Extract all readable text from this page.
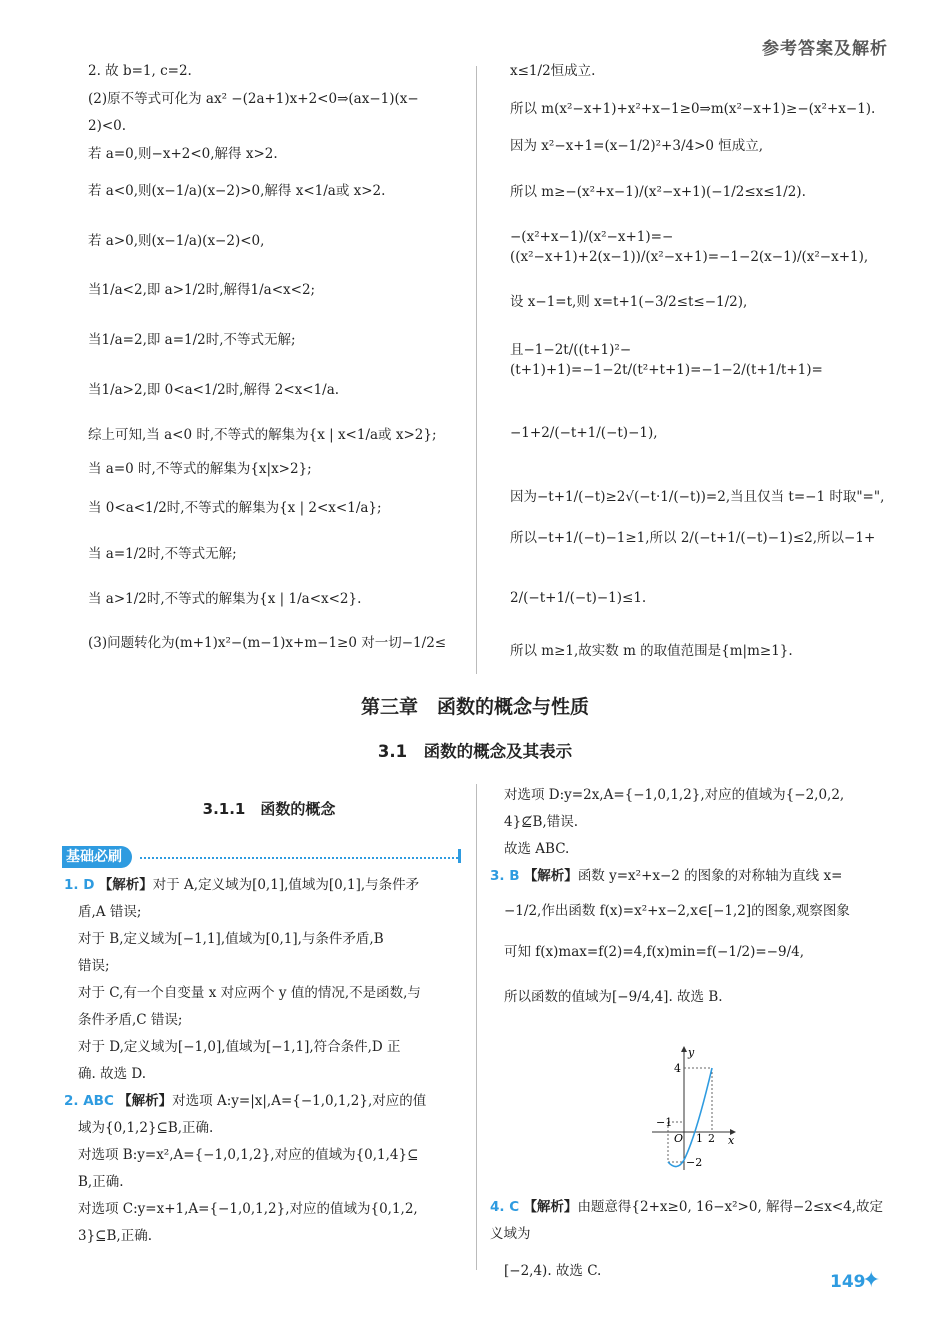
参考答案及解析

2. 故 b=1, c=2.

(2)原不等式可化为 ax² −(2a+1)x+2<0⇒(ax−1)(x−

2)<0.

若 a=0,则−x+2<0,解得 x>2.

若 a<0,则(x−1/a)(x−2)>0,解得 x<1/a或 x>2.

若 a>0,则(x−1/a)(x−2)<0,

当1/a<2,即 a>1/2时,解得1/a<x<2;

当1/a=2,即 a=1/2时,不等式无解;

当1/a>2,即 0<a<1/2时,解得 2<x<1/a.

综上可知,当 a<0 时,不等式的解集为{x | x<1/a或 x>2};

当 a=0 时,不等式的解集为{x|x>2};

当 0<a<1/2时,不等式的解集为{x | 2<x<1/a};

当 a=1/2时,不等式无解;

当 a>1/2时,不等式的解集为{x | 1/a<x<2}.

(3)问题转化为(m+1)x²−(m−1)x+m−1≥0 对一切−1/2≤

x≤1/2恒成立.

所以 m(x²−x+1)+x²+x−1≥0⇒m(x²−x+1)≥−(x²+x−1).

因为 x²−x+1=(x−1/2)²+3/4>0 恒成立,

所以 m≥−(x²+x−1)/(x²−x+1)(−1/2≤x≤1/2).

−(x²+x−1)/(x²−x+1)=−((x²−x+1)+2(x−1))/(x²−x+1)=−1−2(x−1)/(x²−x+1),

设 x−1=t,则 x=t+1(−3/2≤t≤−1/2),

且−1−2t/((t+1)²−(t+1)+1)=−1−2t/(t²+t+1)=−1−2/(t+1/t+1)=

−1+2/(−t+1/(−t)−1),

因为−t+1/(−t)≥2√(−t·1/(−t))=2,当且仅当 t=−1 时取"=",

所以−t+1/(−t)−1≥1,所以 2/(−t+1/(−t)−1)≤2,所以−1+

2/(−t+1/(−t)−1)≤1.

所以 m≥1,故实数 m 的取值范围是{m|m≥1}.

第三章　函数的概念与性质
3.1　函数的概念及其表示
3.1.1　函数的概念
基础必刷

1. D 【解析】对于 A,定义域为[0,1],值域为[0,1],与条件矛

盾,A 错误;

对于 B,定义域为[−1,1],值域为[0,1],与条件矛盾,B

错误;

对于 C,有一个自变量 x 对应两个 y 值的情况,不是函数,与

条件矛盾,C 错误;

对于 D,定义域为[−1,0],值域为[−1,1],符合条件,D 正

确. 故选 D.

2. ABC 【解析】对选项 A:y=|x|,A={−1,0,1,2},对应的值

域为{0,1,2}⊆B,正确.

对选项 B:y=x²,A={−1,0,1,2},对应的值域为{0,1,4}⊆

B,正确.

对选项 C:y=x+1,A={−1,0,1,2},对应的值域为{0,1,2,

3}⊆B,正确.

对选项 D:y=2x,A={−1,0,1,2},对应的值域为{−2,0,2,

4}⊈B,错误.

故选 ABC.

3. B 【解析】函数 y=x²+x−2 的图象的对称轴为直线 x=

−1/2,作出函数 f(x)=x²+x−2,x∈[−1,2]的图象,观察图象

可知 f(x)max=f(2)=4,f(x)min=f(−1/2)=−9/4,

所以函数的值域为[−9/4,4]. 故选 B.

y
x
4
−1
−2
O 1 2

4. C 【解析】由题意得{2+x≥0, 16−x²>0, 解得−2≤x<4,故定义域为

[−2,4). 故选 C.

149
✦
